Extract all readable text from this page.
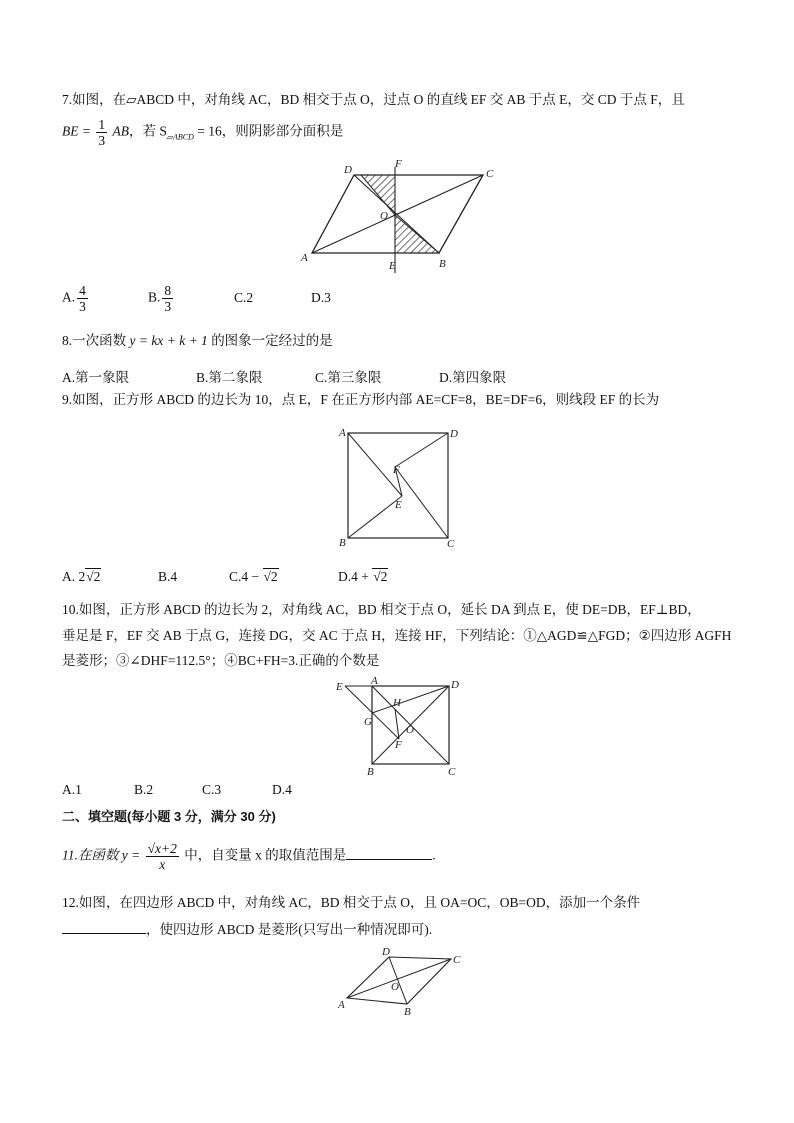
7.如图，在▱ABCD 中，对角线 AC，BD 相交于点 O，过点 O 的直线 EF 交 AB 于点 E，交 CD 于点 F，且
BE = $\frac{1}{3}$ AB，若 $S_{▱ABCD} = 16$，则阴影部分面积是
D	F
C
O
A
E	B
A. $\frac{4}{3}$	B. $\frac{8}{3}$	C.2	D.3
8.一次函数 y = kx + k + 1 的图象一定经过的是
A.第一象限	B.第二象限	C.第三象限	D.第四象限
9.如图，正方形 ABCD 的边长为 10，点 E，F 在正方形内部 AE=CF=8，BE=DF=6，则线段 EF 的长为
A	D
F
E
B	C
A. 2√2	B.4	C.4 − √2	D.4 + √2
10.如图，正方形 ABCD 的边长为 2，对角线 AC，BD 相交于点 O，延长 DA 到点 E，使 DE=DB，EF⊥BD，
垂足是 F，EF 交 AB 于点 G，连接 DG，交 AC 于点 H，连接 HF，下列结论：①△AGD≌△FGD；②四边形 AGFH
是菱形；③∠DHF=112.5°；④BC+FH=3.正确的个数是
E	A	D
H
G
O
F
B	C
A.1	B.2	C.3	D.4
二、填空题(每小题 3 分，满分 30 分)
11.在函数 $y = \frac{√x+2}{x}$ 中，自变量 x 的取值范围是	.
12.如图，在四边形 ABCD 中，对角线 AC，BD 相交于点 O，且 OA=OC，OB=OD，添加一个条件
，使四边形 ABCD 是菱形(只写出一种情况即可).
D
C
O
A
B
